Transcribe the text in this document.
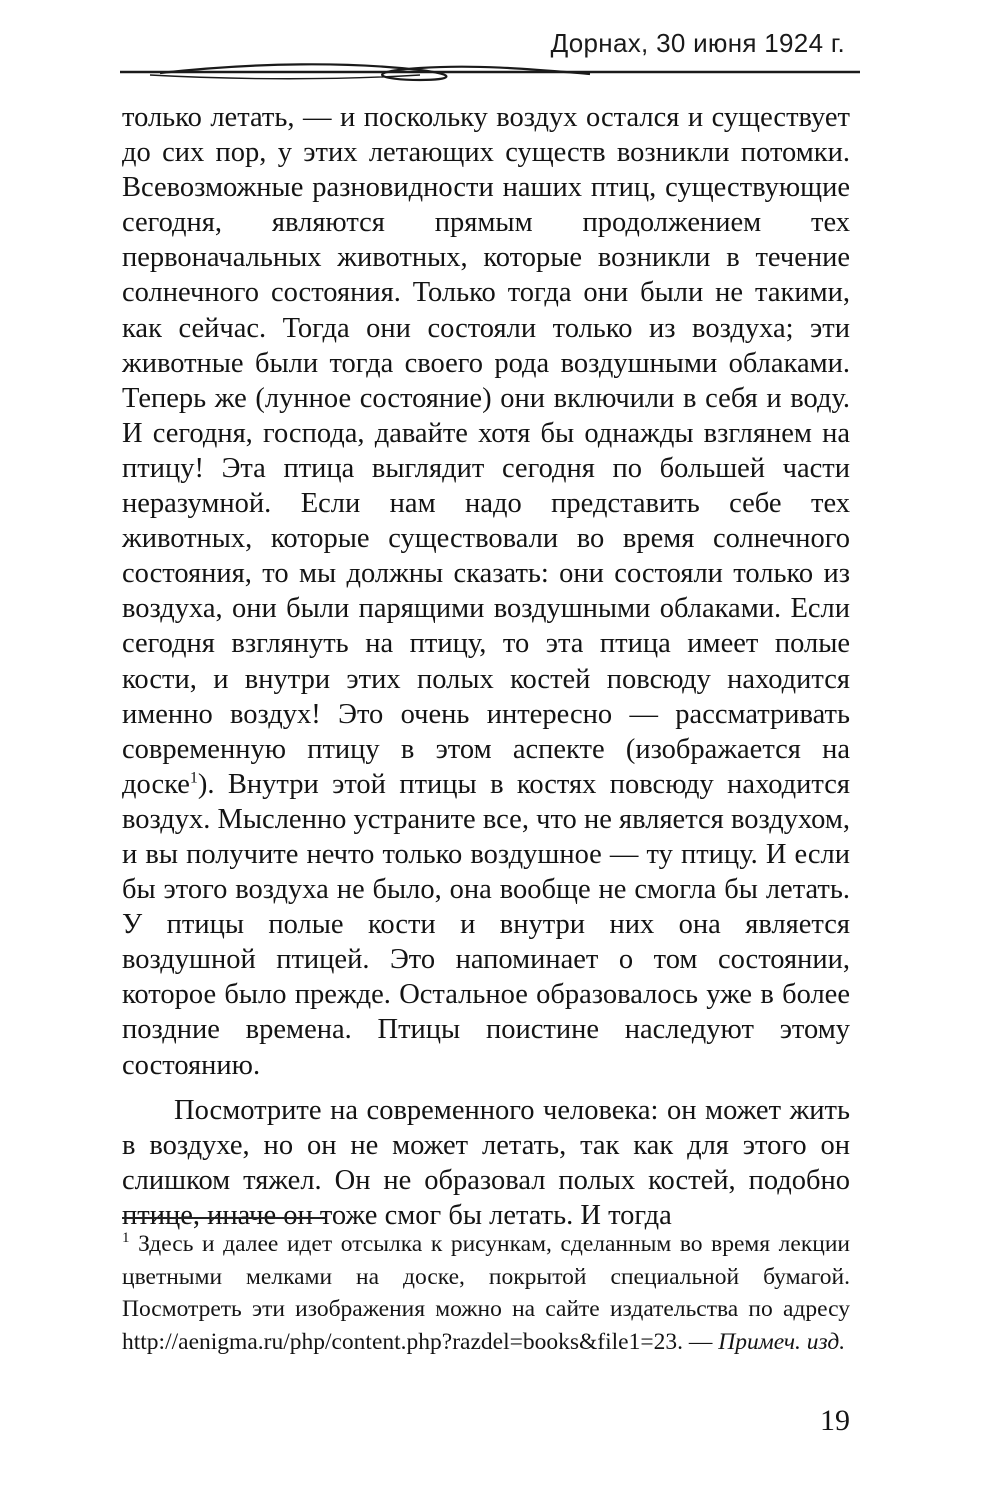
Дорнах, 30 июня 1924 г.

только летать, — и поскольку воздух остался и существует до сих пор, у этих летающих существ возникли потомки. Всевозможные разновидности наших птиц, существующие сегодня, являются прямым продолжением тех первоначальных животных, которые возникли в течение солнечного состояния. Только тогда они были не такими, как сейчас. Тогда они состояли только из воздуха; эти животные были тогда своего рода воздушными облаками. Теперь же (лунное состояние) они включили в себя и воду. И сегодня, господа, давайте хотя бы однажды взглянем на птицу! Эта птица выглядит сегодня по большей части неразумной. Если нам надо представить себе тех животных, которые существовали во время солнечного состояния, то мы должны сказать: они состояли только из воздуха, они были парящими воздушными облаками. Если сегодня взглянуть на птицу, то эта птица имеет полые кости, и внутри этих полых костей повсюду находится именно воздух! Это очень интересно — рассматривать современную птицу в этом аспекте (изображается на доске$^1$). Внутри этой птицы в костях повсюду находится воздух. Мысленно устраните все, что не является воздухом, и вы получите нечто только воздушное — ту птицу. И если бы этого воздуха не было, она вообще не смогла бы летать. У птицы полые кости и внутри них она является воздушной птицей. Это напоминает о том состоянии, которое было прежде. Остальное образовалось уже в более поздние времена. Птицы поистине наследуют этому состоянию.

Посмотрите на современного человека: он может жить в воздухе, но он не может летать, так как для этого он слишком тяжел. Он не образовал полых костей, подобно птице, иначе он тоже смог бы летать. И тогда

$^1$ Здесь и далее идет отсылка к рисункам, сделанным во время лекции цветными мелками на доске, покрытой специальной бумагой. Посмотреть эти изображения можно на сайте издательства по адресу http://aenigma.ru/php/content.php?razdel=books&file1=23. — Примеч. изд.
19
